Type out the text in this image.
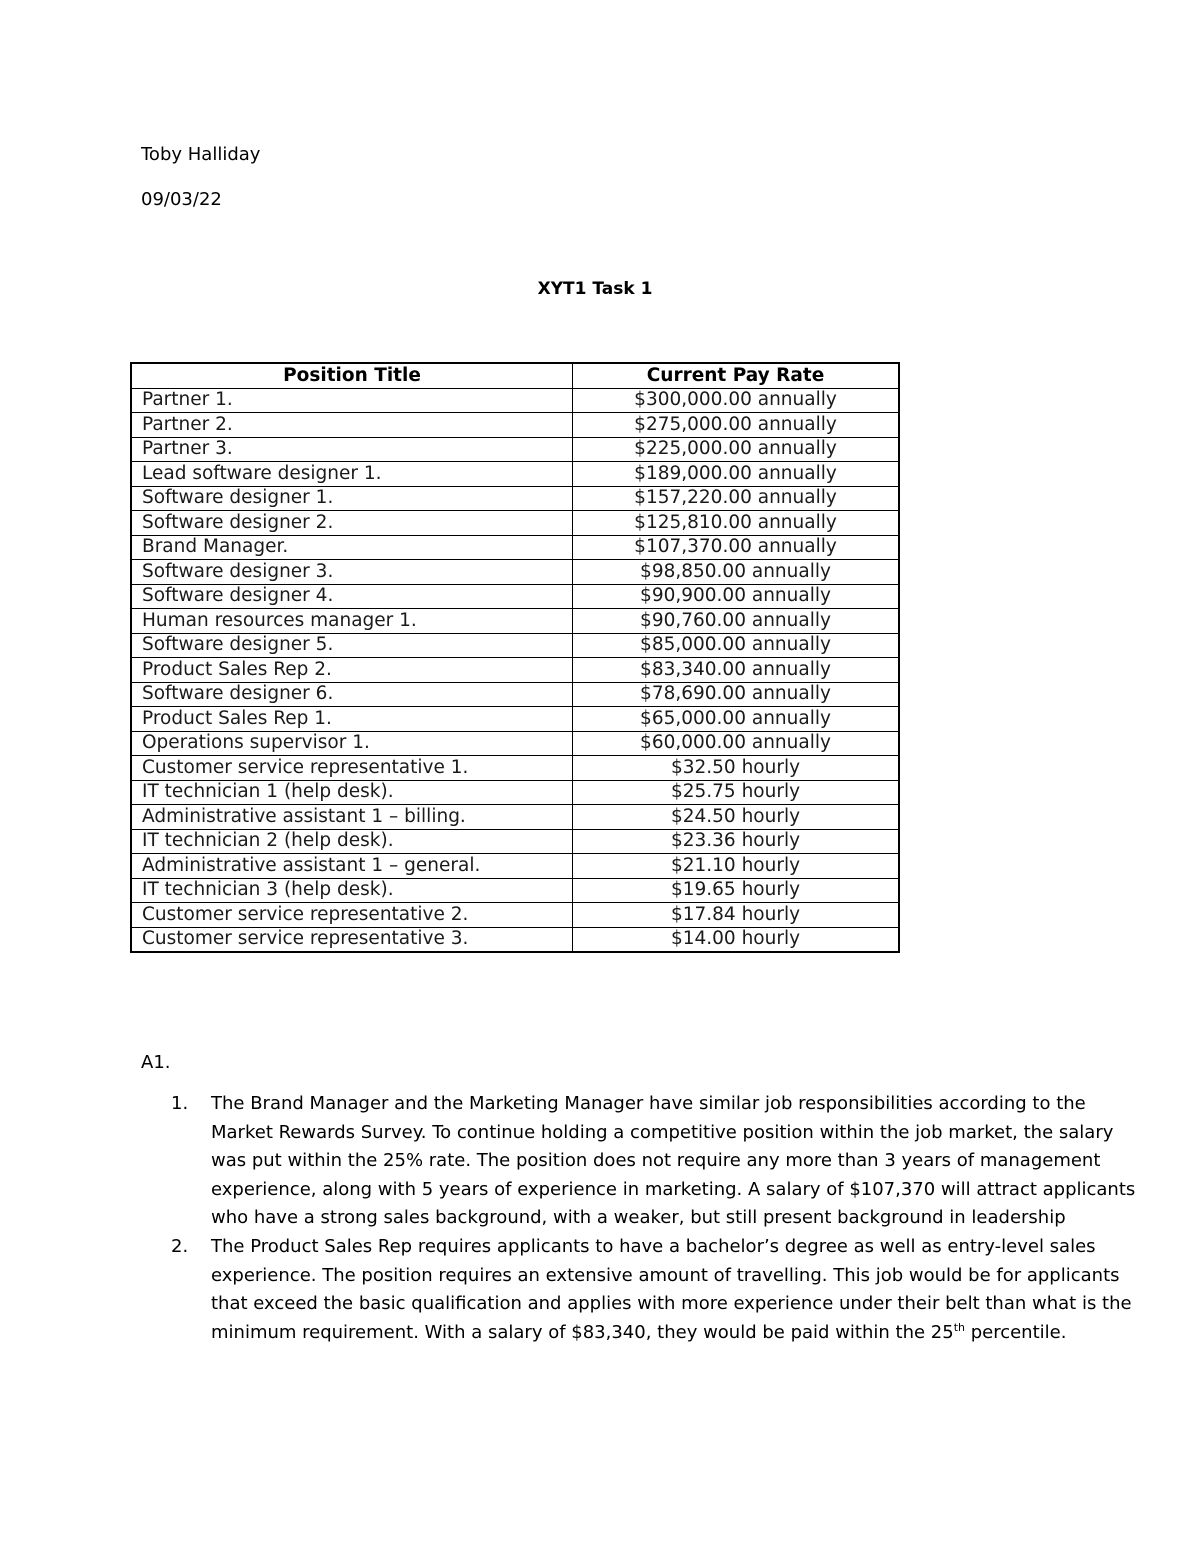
Toby Halliday
09/03/22
XYT1 Task 1
Position Title	Current Pay Rate
Partner 1.	$300,000.00 annually
Partner 2.	$275,000.00 annually
Partner 3.	$225,000.00 annually
Lead software designer 1.	$189,000.00 annually
Software designer 1.	$157,220.00 annually
Software designer 2.	$125,810.00 annually
Brand Manager.	$107,370.00 annually
Software designer 3.	$98,850.00 annually
Software designer 4.	$90,900.00 annually
Human resources manager 1.	$90,760.00 annually
Software designer 5.	$85,000.00 annually
Product Sales Rep 2.	$83,340.00 annually
Software designer 6.	$78,690.00 annually
Product Sales Rep 1.	$65,000.00 annually
Operations supervisor 1.	$60,000.00 annually
Customer service representative 1.	$32.50 hourly
IT technician 1 (help desk).	$25.75 hourly
Administrative assistant 1 – billing.	$24.50 hourly
IT technician 2 (help desk).	$23.36 hourly
Administrative assistant 1 – general.	$21.10 hourly
IT technician 3 (help desk).	$19.65 hourly
Customer service representative 2.	$17.84 hourly
Customer service representative 3.	$14.00 hourly
A1.
1. The Brand Manager and the Marketing Manager have similar job responsibilities according to the Market Rewards Survey. To continue holding a competitive position within the job market, the salary was put within the 25% rate. The position does not require any more than 3 years of management experience, along with 5 years of experience in marketing. A salary of $107,370 will attract applicants who have a strong sales background, with a weaker, but still present background in leadership
2. The Product Sales Rep requires applicants to have a bachelor’s degree as well as entry-level sales experience. The position requires an extensive amount of travelling. This job would be for applicants that exceed the basic qualification and applies with more experience under their belt than what is the minimum requirement. With a salary of $83,340, they would be paid within the 25th percentile.
